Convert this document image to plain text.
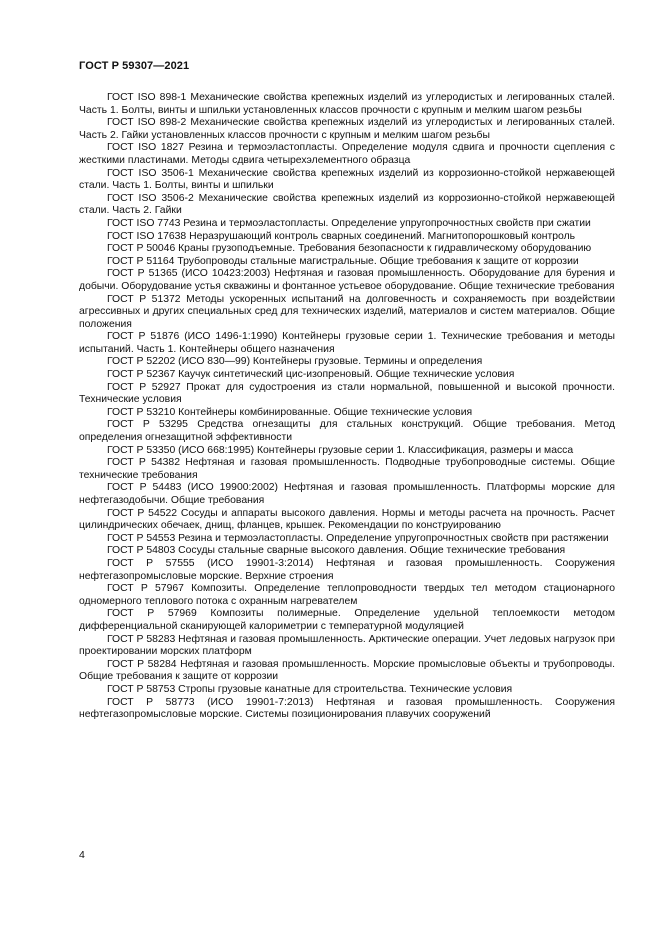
ГОСТ Р 59307—2021

ГОСТ ISO 898-1 Механические свойства крепежных изделий из углеродистых и легированных сталей. Часть 1. Болты, винты и шпильки установленных классов прочности с крупным и мелким шагом резьбы

ГОСТ ISO 898-2 Механические свойства крепежных изделий из углеродистых и легированных сталей. Часть 2. Гайки установленных классов прочности с крупным и мелким шагом резьбы

ГОСТ ISO 1827 Резина и термоэластопласты. Определение модуля сдвига и прочности сцепления с жесткими пластинами. Методы сдвига четырехэлементного образца

ГОСТ ISO 3506-1 Механические свойства крепежных изделий из коррозионно-стойкой нержавеющей стали. Часть 1. Болты, винты и шпильки

ГОСТ ISO 3506-2 Механические свойства крепежных изделий из коррозионно-стойкой нержавеющей стали. Часть 2. Гайки

ГОСТ ISO 7743 Резина и термоэластопласты. Определение упругопрочностных свойств при сжатии

ГОСТ ISO 17638 Неразрушающий контроль сварных соединений. Магнитопорошковый контроль

ГОСТ Р 50046 Краны грузоподъемные. Требования безопасности к гидравлическому оборудованию

ГОСТ Р 51164 Трубопроводы стальные магистральные. Общие требования к защите от коррозии

ГОСТ Р 51365 (ИСО 10423:2003) Нефтяная и газовая промышленность. Оборудование для бурения и добычи. Оборудование устья скважины и фонтанное устьевое оборудование. Общие технические требования

ГОСТ Р 51372 Методы ускоренных испытаний на долговечность и сохраняемость при воздействии агрессивных и других специальных сред для технических изделий, материалов и систем материалов. Общие положения

ГОСТ Р 51876 (ИСО 1496-1:1990) Контейнеры грузовые серии 1. Технические требования и методы испытаний. Часть 1. Контейнеры общего назначения

ГОСТ Р 52202 (ИСО 830—99) Контейнеры грузовые. Термины и определения

ГОСТ Р 52367 Каучук синтетический цис-изопреновый. Общие технические условия

ГОСТ Р 52927 Прокат для судостроения из стали нормальной, повышенной и высокой прочности. Технические условия

ГОСТ Р 53210 Контейнеры комбинированные. Общие технические условия

ГОСТ Р 53295 Средства огнезащиты для стальных конструкций. Общие требования. Метод определения огнезащитной эффективности

ГОСТ Р 53350 (ИСО 668:1995) Контейнеры грузовые серии 1. Классификация, размеры и масса

ГОСТ Р 54382 Нефтяная и газовая промышленность. Подводные трубопроводные системы. Общие технические требования

ГОСТ Р 54483 (ИСО 19900:2002) Нефтяная и газовая промышленность. Платформы морские для нефтегазодобычи. Общие требования

ГОСТ Р 54522 Сосуды и аппараты высокого давления. Нормы и методы расчета на прочность. Расчет цилиндрических обечаек, днищ, фланцев, крышек. Рекомендации по конструированию

ГОСТ Р 54553 Резина и термоэластопласты. Определение упругопрочностных свойств при растяжении

ГОСТ Р 54803 Сосуды стальные сварные высокого давления. Общие технические требования

ГОСТ Р 57555 (ИСО 19901-3:2014) Нефтяная и газовая промышленность. Сооружения нефтегазопромысловые морские. Верхние строения

ГОСТ Р 57967 Композиты. Определение теплопроводности твердых тел методом стационарного одномерного теплового потока с охранным нагревателем

ГОСТ Р 57969 Композиты полимерные. Определение удельной теплоемкости методом дифференциальной сканирующей калориметрии с температурной модуляцией

ГОСТ Р 58283 Нефтяная и газовая промышленность. Арктические операции. Учет ледовых нагрузок при проектировании морских платформ

ГОСТ Р 58284 Нефтяная и газовая промышленность. Морские промысловые объекты и трубопроводы. Общие требования к защите от коррозии

ГОСТ Р 58753 Стропы грузовые канатные для строительства. Технические условия

ГОСТ Р 58773 (ИСО 19901-7:2013) Нефтяная и газовая промышленность. Сооружения нефтегазопромысловые морские. Системы позиционирования плавучих сооружений

4
